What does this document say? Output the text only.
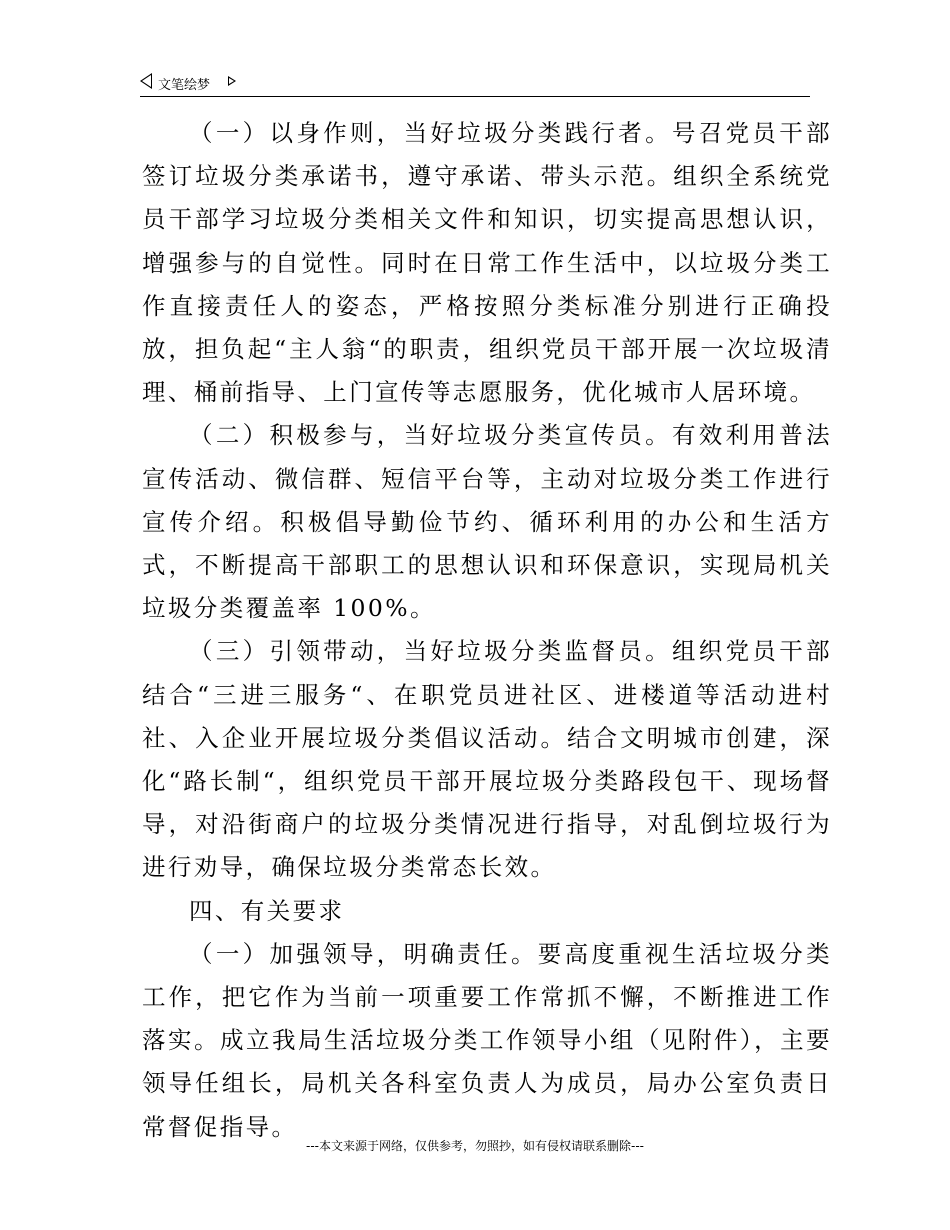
文笔绘梦

（一）以身作则，当好垃圾分类践行者。号召党员干部签订垃圾分类承诺书，遵守承诺、带头示范。组织全系统党员干部学习垃圾分类相关文件和知识，切实提高思想认识，增强参与的自觉性。同时在日常工作生活中，以垃圾分类工作直接责任人的姿态，严格按照分类标准分别进行正确投放，担负起“主人翁“的职责，组织党员干部开展一次垃圾清理、桶前指导、上门宣传等志愿服务，优化城市人居环境。

（二）积极参与，当好垃圾分类宣传员。有效利用普法宣传活动、微信群、短信平台等，主动对垃圾分类工作进行宣传介绍。积极倡导勤俭节约、循环利用的办公和生活方式，不断提高干部职工的思想认识和环保意识，实现局机关垃圾分类覆盖率 100%。

（三）引领带动，当好垃圾分类监督员。组织党员干部结合“三进三服务“、在职党员进社区、进楼道等活动进村社、入企业开展垃圾分类倡议活动。结合文明城市创建，深化“路长制“，组织党员干部开展垃圾分类路段包干、现场督导，对沿街商户的垃圾分类情况进行指导，对乱倒垃圾行为进行劝导，确保垃圾分类常态长效。

四、有关要求

（一）加强领导，明确责任。要高度重视生活垃圾分类工作，把它作为当前一项重要工作常抓不懈，不断推进工作落实。成立我局生活垃圾分类工作领导小组（见附件），主要领导任组长，局机关各科室负责人为成员，局办公室负责日常督促指导。

---本文来源于网络，仅供参考，勿照抄，如有侵权请联系删除---
